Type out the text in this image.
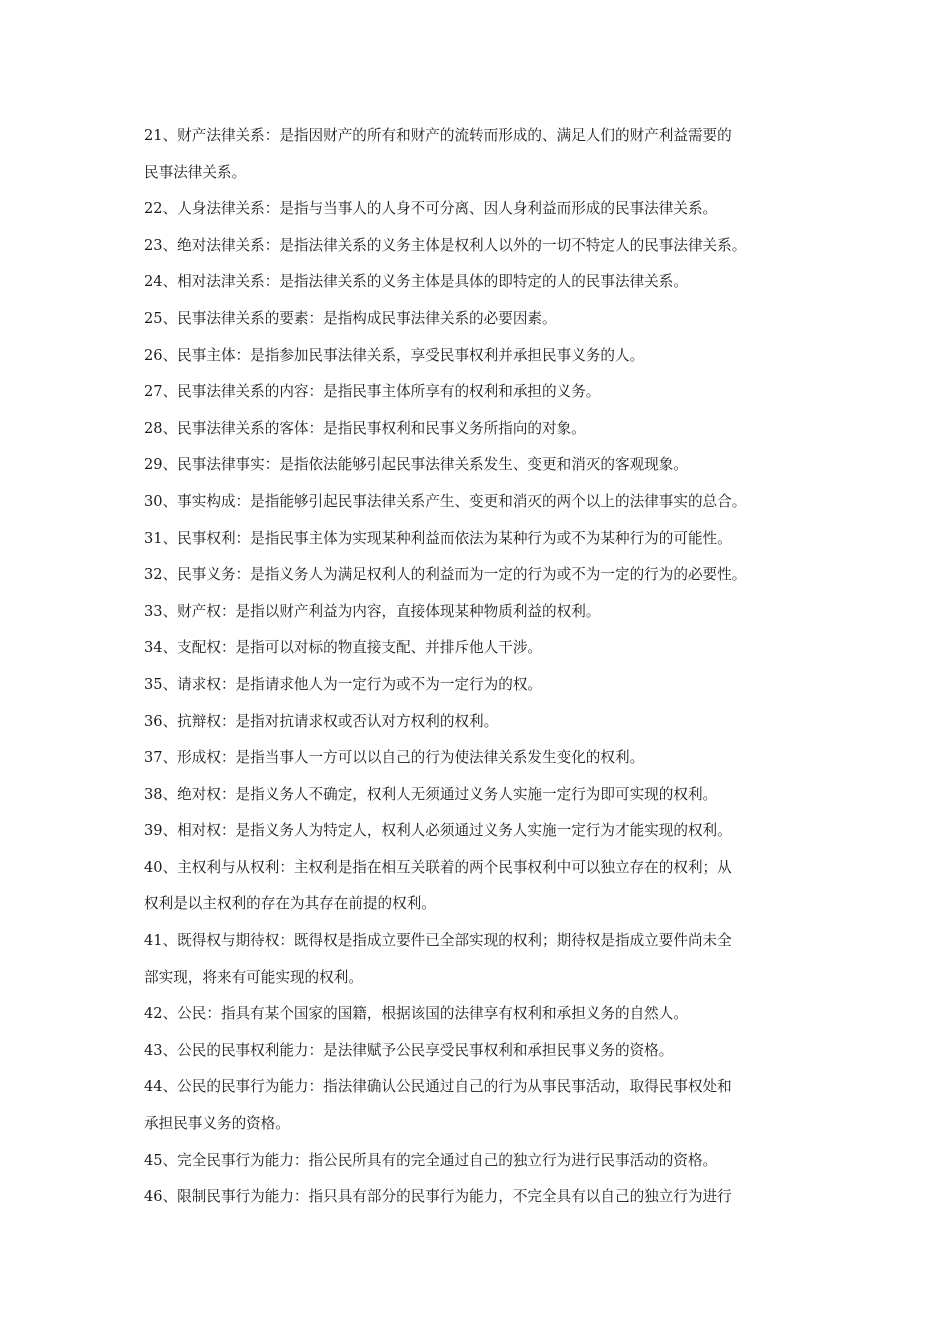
21、财产法律关系：是指因财产的所有和财产的流转而形成的、满足人们的财产利益需要的
民事法律关系。
22、人身法律关系：是指与当事人的人身不可分离、因人身利益而形成的民事法律关系。
23、绝对法律关系：是指法律关系的义务主体是权利人以外的一切不特定人的民事法律关系。
24、相对法津关系：是指法律关系的义务主体是具体的即特定的人的民事法律关系。
25、民事法律关系的要素：是指构成民事法律关系的必要因素。
26、民事主体：是指参加民事法律关系，享受民事权利并承担民事义务的人。
27、民事法律关系的内容：是指民事主体所享有的权利和承担的义务。
28、民事法律关系的客体：是指民事权利和民事义务所指向的对象。
29、民事法律事实：是指依法能够引起民事法律关系发生、变更和消灭的客观现象。
30、事实构成：是指能够引起民事法律关系产生、变更和消灭的两个以上的法律事实的总合。
31、民事权利：是指民事主体为实现某种利益而依法为某种行为或不为某种行为的可能性。
32、民事义务：是指义务人为满足权利人的利益而为一定的行为或不为一定的行为的必要性。
33、财产权：是指以财产利益为内容，直接体现某种物质利益的权利。
34、支配权：是指可以对标的物直接支配、并排斥他人干涉。
35、请求权：是指请求他人为一定行为或不为一定行为的权。
36、抗辩权：是指对抗请求权或否认对方权利的权利。
37、形成权：是指当事人一方可以以自己的行为使法律关系发生变化的权利。
38、绝对权：是指义务人不确定，权利人无须通过义务人实施一定行为即可实现的权利。
39、相对权：是指义务人为特定人，权利人必须通过义务人实施一定行为才能实现的权利。
40、主权利与从权利：主权利是指在相互关联着的两个民事权利中可以独立存在的权利；从
权利是以主权利的存在为其存在前提的权利。
41、既得权与期待权：既得权是指成立要件已全部实现的权利；期待权是指成立要件尚未全
部实现，将来有可能实现的权利。
42、公民：指具有某个国家的国籍，根据该国的法律享有权利和承担义务的自然人。
43、公民的民事权利能力：是法律赋予公民享受民事权利和承担民事义务的资格。
44、公民的民事行为能力：指法律确认公民通过自己的行为从事民事活动，取得民事权处和
承担民事义务的资格。
45、完全民事行为能力：指公民所具有的完全通过自己的独立行为进行民事活动的资格。
46、限制民事行为能力：指只具有部分的民事行为能力，不完全具有以自己的独立行为进行
